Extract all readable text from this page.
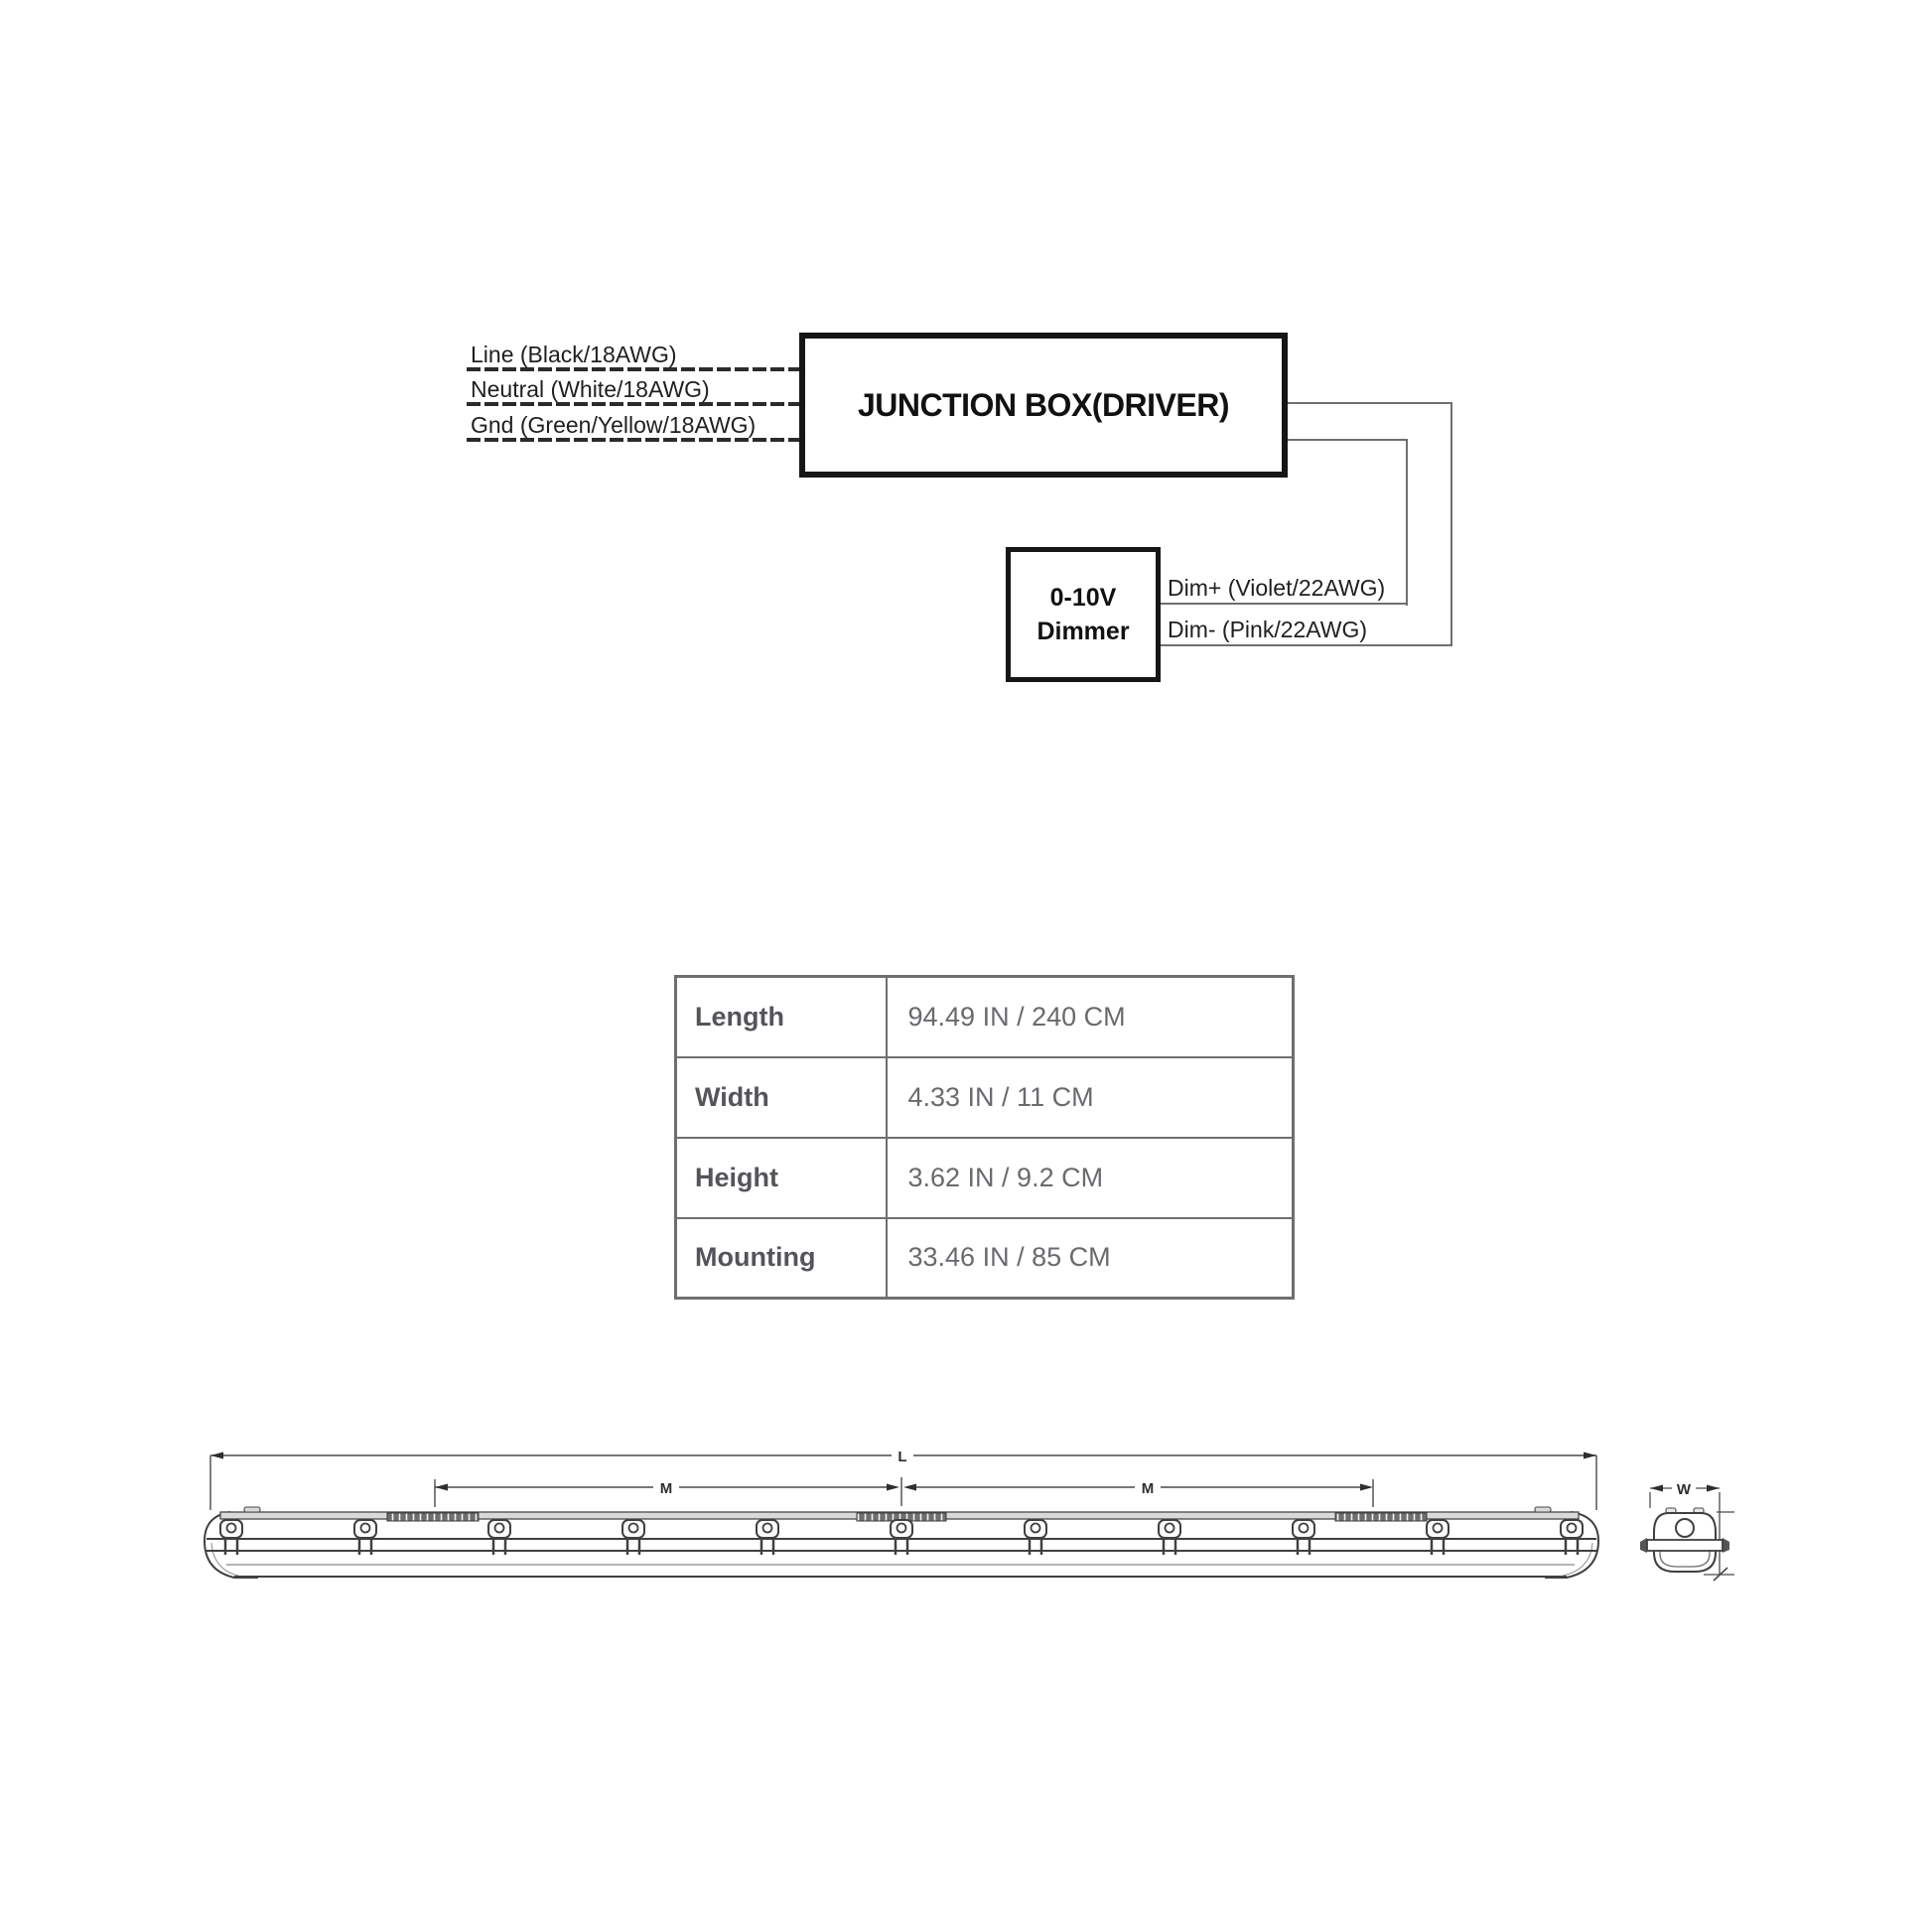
Line (Black/18AWG)
Neutral (White/18AWG)
Gnd (Green/Yellow/18AWG)
JUNCTION BOX(DRIVER)
0-10V
Dimmer
Dim+ (Violet/22AWG)
Dim- (Pink/22AWG)
Length	94.49 IN / 240 CM
Width	4.33 IN / 11 CM
Height	3.62 IN / 9.2 CM
Mounting	33.46 IN / 85 CM
L
M	M	W
